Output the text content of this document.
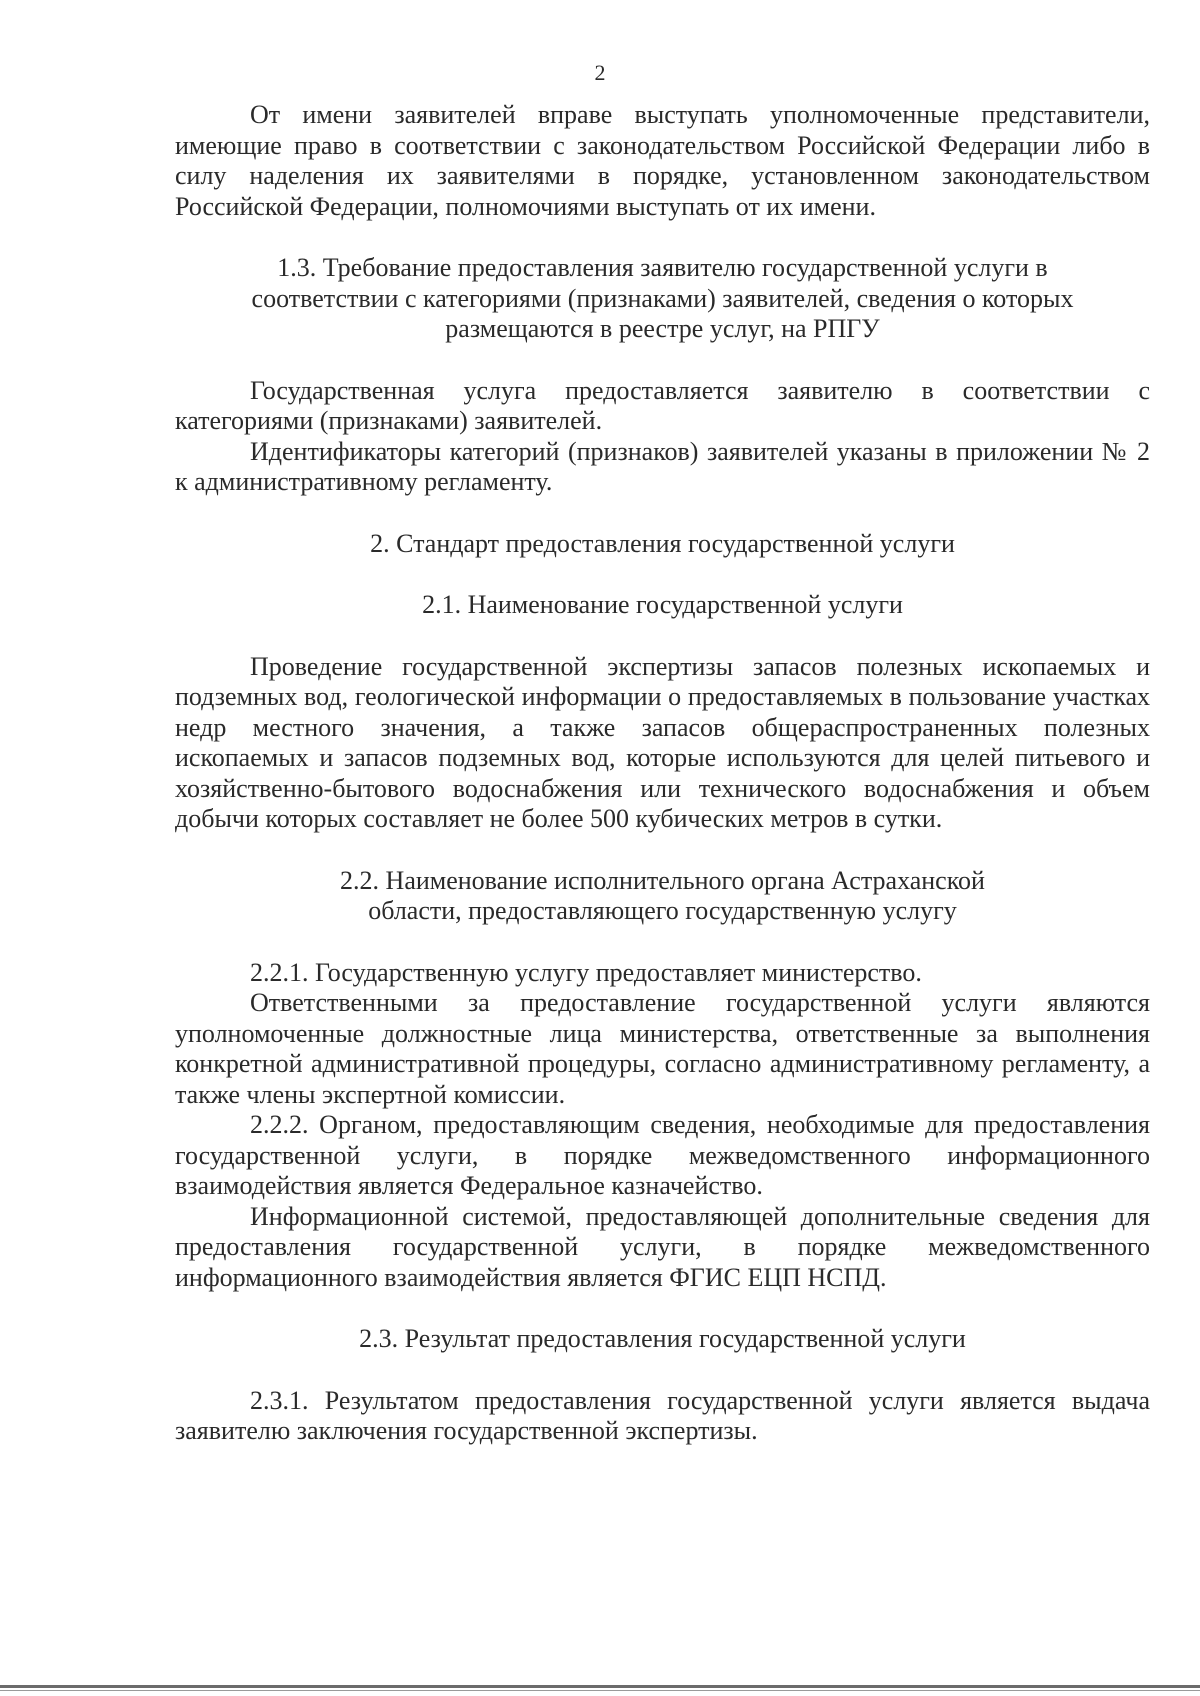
2

От имени заявителей вправе выступать уполномоченные представители, имеющие право в соответствии с законодательством Российской Федерации либо в силу наделения их заявителями в порядке, установленном законодательством Российской Федерации, полномочиями выступать от их имени.

1.3. Требование предоставления заявителю государственной услуги в соответствии с категориями (признаками) заявителей, сведения о которых размещаются в реестре услуг, на РПГУ

Государственная услуга предоставляется заявителю в соответствии с категориями (признаками) заявителей.

Идентификаторы категорий (признаков) заявителей указаны в приложении № 2 к административному регламенту.

2. Стандарт предоставления государственной услуги

2.1. Наименование государственной услуги

Проведение государственной экспертизы запасов полезных ископаемых и подземных вод, геологической информации о предоставляемых в пользование участках недр местного значения, а также запасов общераспространенных полезных ископаемых и запасов подземных вод, которые используются для целей питьевого и хозяйственно-бытового водоснабжения или технического водоснабжения и объем добычи которых составляет не более 500 кубических метров в сутки.

2.2. Наименование исполнительного органа Астраханской области, предоставляющего государственную услугу

2.2.1. Государственную услугу предоставляет министерство.

Ответственными за предоставление государственной услуги являются уполномоченные должностные лица министерства, ответственные за выполнения конкретной административной процедуры, согласно административному регламенту, а также члены экспертной комиссии.

2.2.2. Органом, предоставляющим сведения, необходимые для предоставления государственной услуги, в порядке межведомственного информационного взаимодействия является Федеральное казначейство.

Информационной системой, предоставляющей дополнительные сведения для предоставления государственной услуги, в порядке межведомственного информационного взаимодействия является ФГИС ЕЦП НСПД.

2.3. Результат предоставления государственной услуги

2.3.1. Результатом предоставления государственной услуги является выдача заявителю заключения государственной экспертизы.
